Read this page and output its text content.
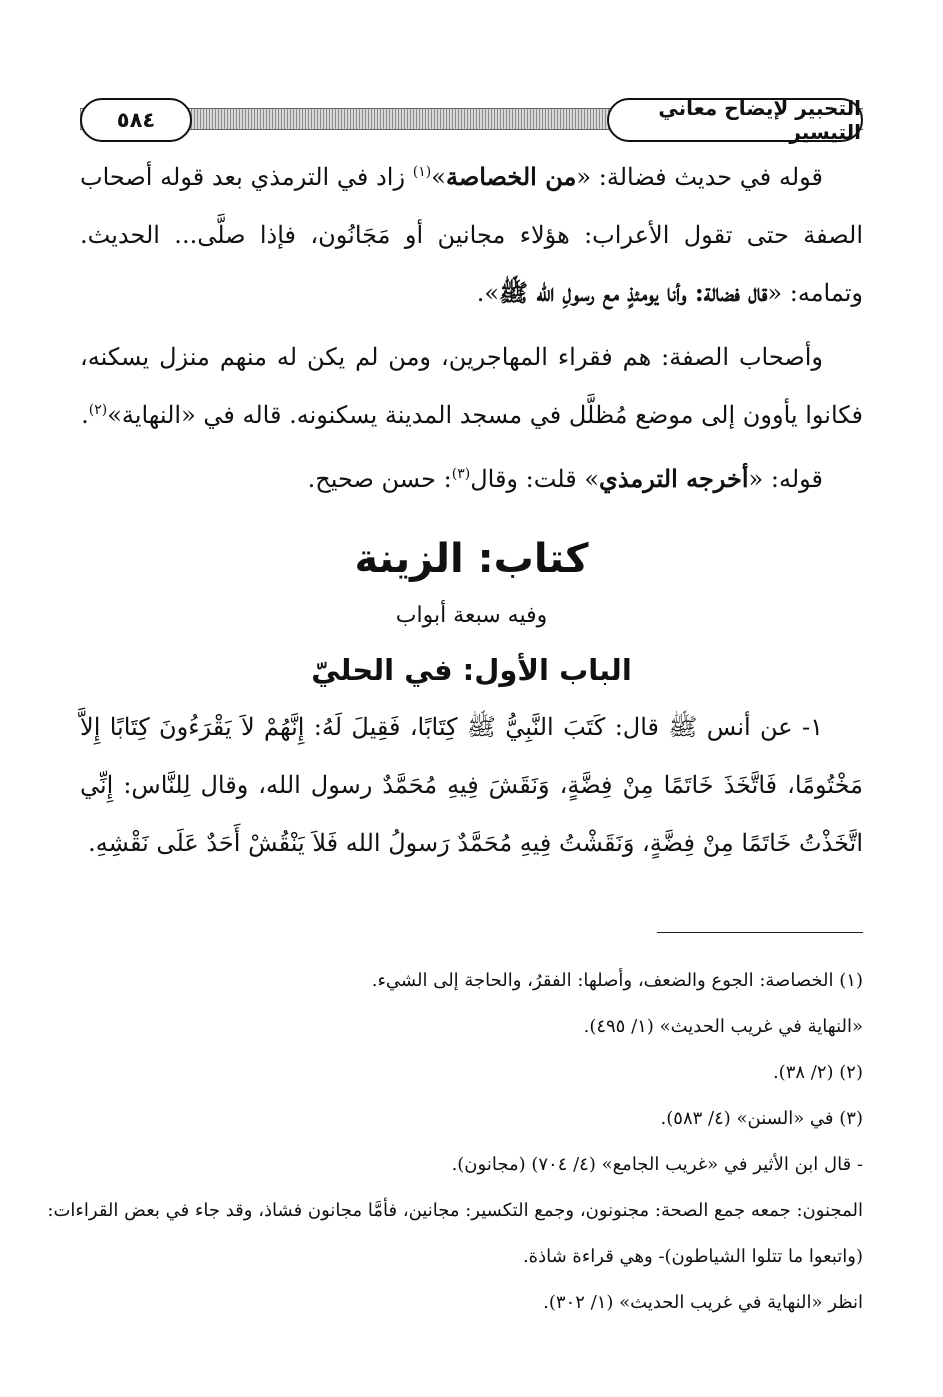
التحبير لإيضاح معاني التيسير
٥٨٤

قوله في حديث فضالة: «من الخصاصة»$^{(١)}$ زاد في الترمذي بعد قوله أصحاب الصفة حتى تقول الأعراب: هؤلاء مجانين أو مَجَانُون، فإذا صلَّى... الحديث. وتمامه: «قال فضالة: وأنا يومئذٍ مع رسولِ الله ﷺ».

وأصحاب الصفة: هم فقراء المهاجرين، ومن لم يكن له منهم منزل يسكنه، فكانوا يأوون إلى موضع مُظلَّل في مسجد المدينة يسكنونه. قاله في «النهاية»$^{(٢)}$.

قوله: «أخرجه الترمذي» قلت: وقال$^{(٣)}$: حسن صحيح.

كتاب: الزينة
وفيه سبعة أبواب
الباب الأول: في الحليّ

١- عن أنس ﷺ قال: كَتَبَ النَّبِيُّ ﷺ كِتَابًا، فَقِيلَ لَهُ: إِنَّهُمْ لاَ يَقْرَءُونَ كِتَابًا إِلاَّ مَخْتُومًا، فَاتَّخَذَ خَاتَمًا مِنْ فِضَّةٍ، وَنَقَشَ فِيهِ مُحَمَّدٌ رسول الله، وقال لِلنَّاس: إِنِّي اتَّخَذْتُ خَاتَمًا مِنْ فِضَّةٍ، وَنَقَشْتُ فِيهِ مُحَمَّدٌ رَسولُ الله فَلاَ يَنْقُشْ أَحَدٌ عَلَى نَقْشِهِ.

(١) الخصاصة: الجوع والضعف، وأصلها: الفقرُ، والحاجة إلى الشيء.
«النهاية في غريب الحديث» (١/ ٤٩٥).
(٢) (٢/ ٣٨).
(٣) في «السنن» (٤/ ٥٨٣).
- قال ابن الأثير في «غريب الجامع» (٤/ ٧٠٤) (مجانون).
المجنون: جمعه جمع الصحة: مجنونون، وجمع التكسير: مجانين، فأمَّا مجانون فشاذ، وقد جاء في بعض القراءات:
(واتبعوا ما تتلوا الشياطون)- وهي قراءة شاذة.
انظر «النهاية في غريب الحديث» (١/ ٣٠٢).
